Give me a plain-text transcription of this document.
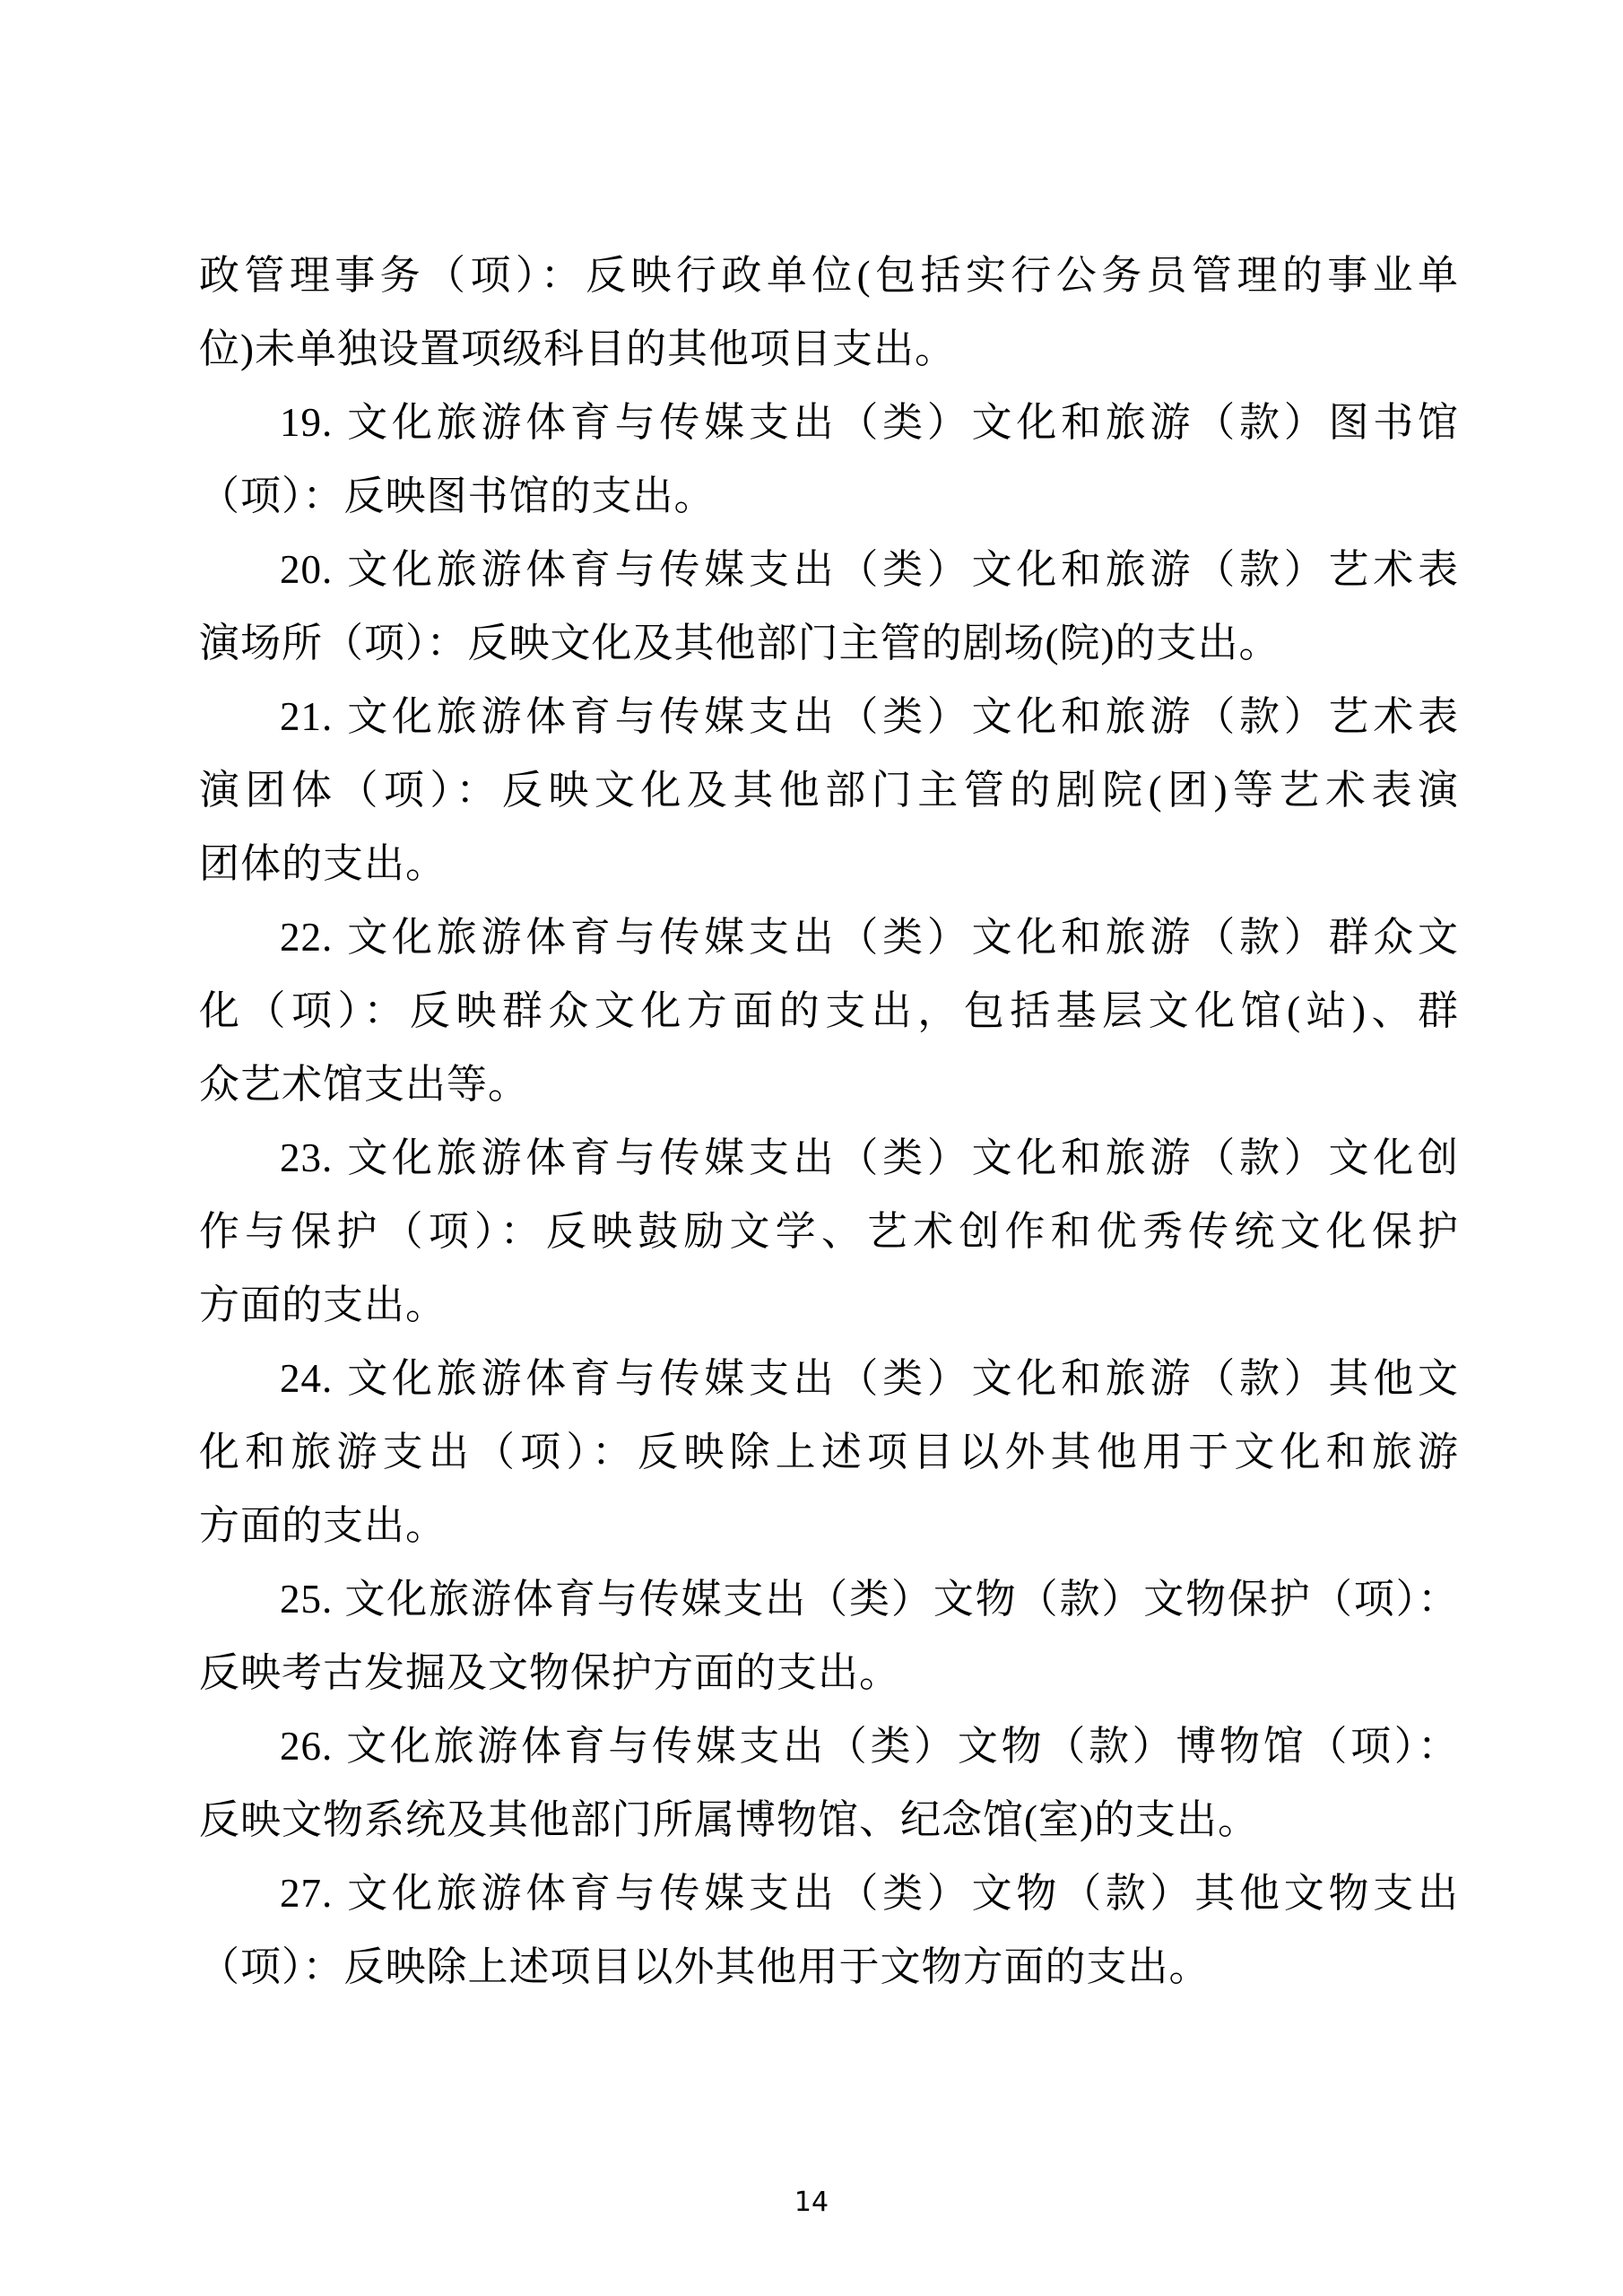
政管理事务（项）：反映行政单位(包括实行公务员管理的事业单
位)未单独设置项级科目的其他项目支出。
19. 文化旅游体育与传媒支出（类）文化和旅游（款）图书馆
（项）：反映图书馆的支出。
20. 文化旅游体育与传媒支出（类）文化和旅游（款）艺术表
演场所（项）：反映文化及其他部门主管的剧场(院)的支出。
21. 文化旅游体育与传媒支出（类）文化和旅游（款）艺术表
演团体（项）：反映文化及其他部门主管的剧院(团)等艺术表演
团体的支出。
22. 文化旅游体育与传媒支出（类）文化和旅游（款）群众文
化（项）：反映群众文化方面的支出，包括基层文化馆(站)、群
众艺术馆支出等。
23. 文化旅游体育与传媒支出（类）文化和旅游（款）文化创
作与保护（项）：反映鼓励文学、艺术创作和优秀传统文化保护
方面的支出。
24. 文化旅游体育与传媒支出（类）文化和旅游（款）其他文
化和旅游支出（项）：反映除上述项目以外其他用于文化和旅游
方面的支出。
25. 文化旅游体育与传媒支出（类）文物（款）文物保护（项）：
反映考古发掘及文物保护方面的支出。
26. 文化旅游体育与传媒支出（类）文物（款）博物馆（项）：
反映文物系统及其他部门所属博物馆、纪念馆(室)的支出。
27. 文化旅游体育与传媒支出（类）文物（款）其他文物支出
（项）：反映除上述项目以外其他用于文物方面的支出。
14
